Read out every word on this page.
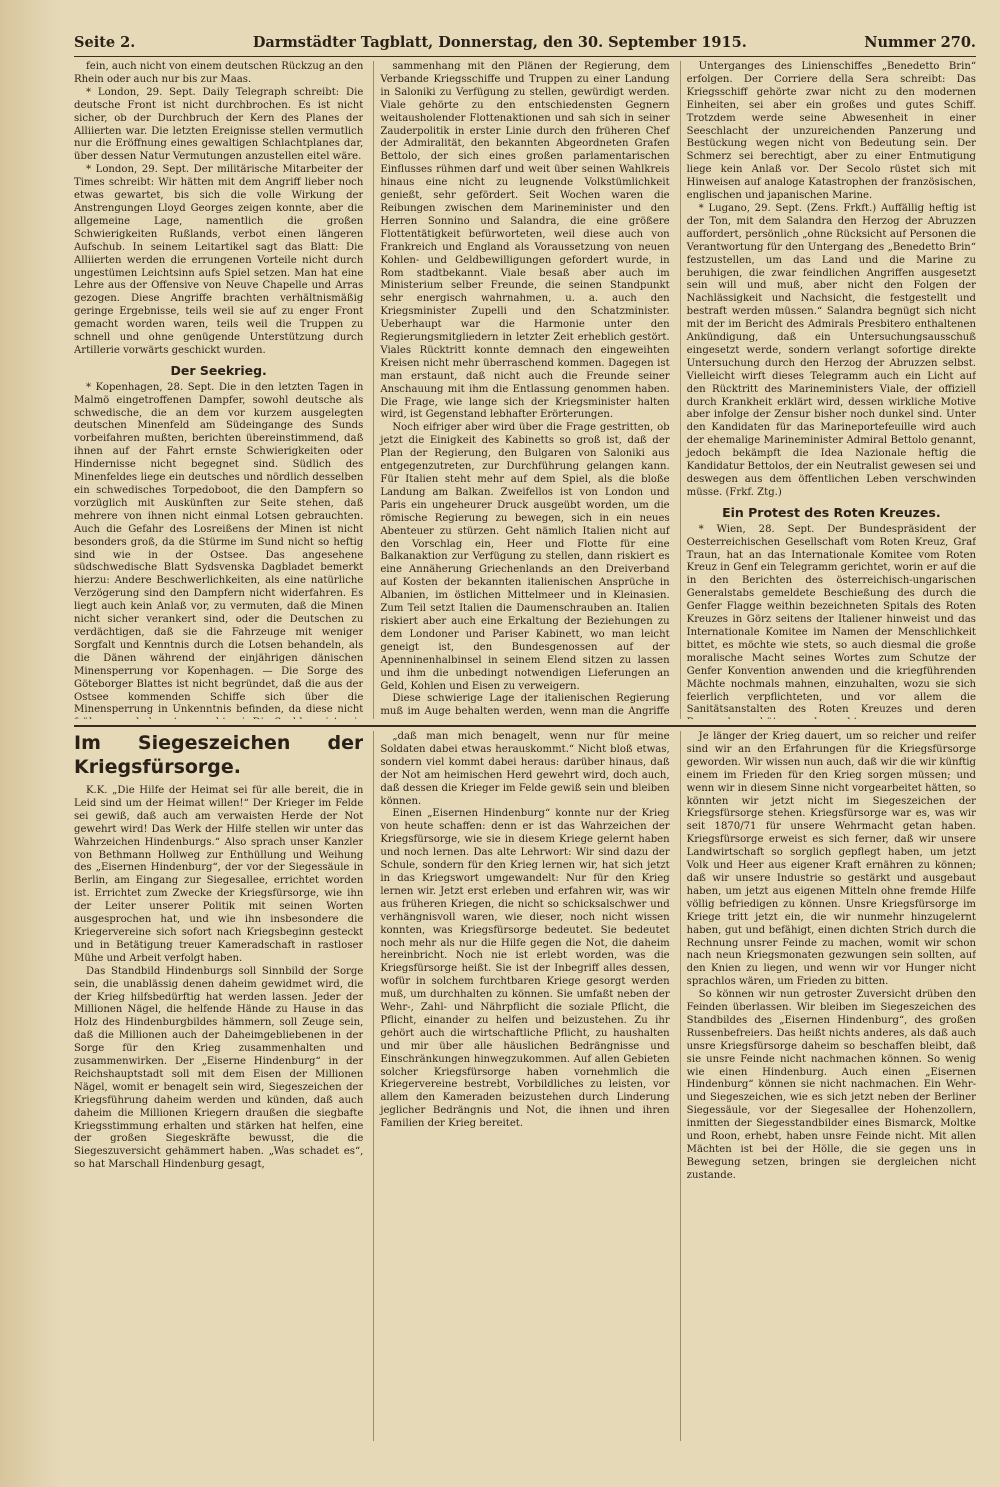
Seite 2.	Darmstädter Tagblatt, Donnerstag, den 30. September 1915.	Nummer 270.

fein, auch nicht von einem deutschen Rückzug an den Rhein oder auch nur bis zur Maas.

* London, 29. Sept. Daily Telegraph schreibt: Die deutsche Front ist nicht durchbrochen. Es ist nicht sicher, ob der Durchbruch der Kern des Planes der Alliierten war. Die letzten Ereignisse stellen vermutlich nur die Eröffnung eines gewaltigen Schlachtplanes dar, über dessen Natur Vermutungen anzustellen eitel wäre.

* London, 29. Sept. Der militärische Mitarbeiter der Times schreibt: Wir hätten mit dem Angriff lieber noch etwas gewartet, bis sich die volle Wirkung der Anstrengungen Lloyd Georges zeigen konnte, aber die allgemeine Lage, namentlich die großen Schwierigkeiten Rußlands, verbot einen längeren Aufschub. In seinem Leitartikel sagt das Blatt: Die Alliierten werden die errungenen Vorteile nicht durch ungestümen Leichtsinn aufs Spiel setzen. Man hat eine Lehre aus der Offensive von Neuve Chapelle und Arras gezogen. Diese Angriffe brachten verhältnismäßig geringe Ergebnisse, teils weil sie auf zu enger Front gemacht worden waren, teils weil die Truppen zu schnell und ohne genügende Unterstützung durch Artillerie vorwärts geschickt wurden.

Der Seekrieg.

* Kopenhagen, 28. Sept. Die in den letzten Tagen in Malmö eingetroffenen Dampfer, sowohl deutsche als schwedische, die an dem vor kurzem ausgelegten deutschen Minenfeld am Südeingange des Sunds vorbeifahren mußten, berichten übereinstimmend, daß ihnen auf der Fahrt ernste Schwierigkeiten oder Hindernisse nicht begegnet sind. Südlich des Minenfeldes liege ein deutsches und nördlich desselben ein schwedisches Torpedoboot, die den Dampfern so vorzüglich mit Auskünften zur Seite stehen, daß mehrere von ihnen nicht einmal Lotsen gebrauchten. Auch die Gefahr des Losreißens der Minen ist nicht besonders groß, da die Stürme im Sund nicht so heftig sind wie in der Ostsee. Das angesehene südschwedische Blatt Sydsvenska Dagbladet bemerkt hierzu: Andere Beschwerlichkeiten, als eine natürliche Verzögerung sind den Dampfern nicht widerfahren. Es liegt auch kein Anlaß vor, zu vermuten, daß die Minen nicht sicher verankert sind, oder die Deutschen zu verdächtigen, daß sie die Fahrzeuge mit weniger Sorgfalt und Kenntnis durch die Lotsen behandeln, als die Dänen während der einjährigen dänischen Minensperrung vor Kopenhagen. — Die Sorge des Göteborger Blattes ist nicht begründet, daß die aus der Ostsee kommenden Schiffe sich über die Minensperrung in Unkenntnis befinden, da diese nicht

sammenhang mit den Plänen der Regierung, dem Verbande Kriegsschiffe und Truppen zu einer Landung in Saloniki zu Verfügung zu stellen, gewürdigt werden. Viale gehörte zu den entschiedensten Gegnern weitausholender Flottenaktionen und sah sich in seiner Zauderpolitik in erster Linie durch den früheren Chef der Admiralität, den bekannten Abgeordneten Grafen Bettolo, der sich eines großen parlamentarischen Einflusses rühmen darf und weit über seinen Wahlkreis hinaus eine nicht zu leugnende Volkstümlichkeit genießt, sehr gefördert. Seit Wochen waren die Reibungen zwischen dem Marineminister und den Herren Sonnino und Salandra, die eine größere Flottentätigkeit befürworteten, weil diese auch von Frankreich und England als Voraussetzung von neuen Kohlen- und Geldbewilligungen gefordert wurde, in Rom stadtbekannt. Viale besaß aber auch im Ministerium selber Freunde, die seinen Standpunkt sehr energisch wahrnahmen, u. a. auch den Kriegsminister Zupelli und den Schatzminister. Ueberhaupt war die Harmonie unter den Regierungsmitgliedern in letzter Zeit erheblich gestört. Viales Rücktritt konnte demnach den eingeweihten Kreisen nicht mehr überraschend kommen. Dagegen ist man erstaunt, daß nicht auch die Freunde seiner Anschauung mit ihm die Entlassung genommen haben. Die Frage, wie lange sich der Kriegsminister halten wird, ist Gegenstand lebhafter Erörterungen.

Noch eifriger aber wird über die Frage gestritten, ob jetzt die Einigkeit des Kabinetts so groß ist, daß der Plan der Regierung, den Bulgaren von Saloniki aus entgegenzutreten, zur Durchführung gelangen kann. Für Italien steht mehr auf dem Spiel, als die bloße Landung am Balkan. Zweifellos ist von London und Paris ein ungeheurer Druck ausgeübt worden, um die römische Regierung zu bewegen, sich in ein neues Abenteuer zu stürzen. Geht nämlich Italien nicht auf den Vorschlag ein, Heer und Flotte für eine Balkanaktion zur Verfügung zu stellen, dann riskiert es eine Annäherung Griechenlands an den Dreiverband auf Kosten der bekannten italienischen Ansprüche in Albanien, im östlichen Mittelmeer und in Kleinasien. Zum Teil setzt Italien die Daumenschrauben an. Italien riskiert aber auch eine Erkaltung der Beziehungen zu dem Londoner und Pariser Kabinett, wo man leicht geneigt ist, den Bundesgenossen auf der Apenninenhalbinsel in seinem Elend sitzen zu lassen und ihm die unbedingt notwendigen Lieferungen an Geld, Kohlen und Eisen zu verweigern.

Diese schwierige Lage der italienischen Regierung muß im Auge behalten werden, wenn man die Angriffe

Unterganges des Linienschiffes „Benedetto Brin“ erfolgen. Der Corriere della Sera schreibt: Das Kriegsschiff gehörte zwar nicht zu den modernen Einheiten, sei aber ein großes und gutes Schiff. Trotzdem werde seine Abwesenheit in einer Seeschlacht der unzureichenden Panzerung und Bestückung wegen nicht von Bedeutung sein. Der Schmerz sei berechtigt, aber zu einer Entmutigung liege kein Anlaß vor. Der Secolo rüstet sich mit Hinweisen auf analoge Katastrophen der französischen, englischen und japanischen Marine.

* Lugano, 29. Sept. (Zens. Frkft.) Auffällig heftig ist der Ton, mit dem Salandra den Herzog der Abruzzen auffordert, persönlich „ohne Rücksicht auf Personen die Verantwortung für den Untergang des „Benedetto Brin“ festzustellen, um das Land und die Marine zu beruhigen, die zwar feindlichen Angriffen ausgesetzt sein will und muß, aber nicht den Folgen der Nachlässigkeit und Nachsicht, die festgestellt und bestraft werden müssen.“ Salandra begnügt sich nicht mit der im Bericht des Admirals Presbitero enthaltenen Ankündigung, daß ein Untersuchungsausschuß eingesetzt werde, sondern verlangt sofortige direkte Untersuchung durch den Herzog der Abruzzen selbst. Vielleicht wirft dieses Telegramm auch ein Licht auf den Rücktritt des Marineministers Viale, der offiziell durch Krankheit erklärt wird, dessen wirkliche Motive aber infolge der Zensur bisher noch dunkel sind. Unter den Kandidaten für das Marineportefeuille wird auch der ehemalige Marineminister Admiral Bettolo genannt, jedoch bekämpft die Idea Nazionale heftig die Kandidatur Bettolos, der ein Neutralist gewesen sei und deswegen aus dem öffentlichen Leben verschwinden müsse. (Frkf. Ztg.)

Ein Protest des Roten Kreuzes.

* Wien, 28. Sept. Der Bundespräsident der Oesterreichischen Gesellschaft vom Roten Kreuz, Graf Traun, hat an das Internationale Komitee vom Roten Kreuz in Genf ein Telegramm gerichtet, worin er auf die in den Berichten des österreichisch-ungarischen Generalstabs gemeldete Beschießung des durch die Genfer Flagge weithin bezeichneten Spitals des Roten Kreuzes in Görz seitens der Italiener hinweist und das Internationale Komitee im Namen der Menschlichkeit bittet, es möchte wie stets, so auch diesmal die große moralische Macht seines Wortes zum Schutze der Genfer Konvention anwenden und die kriegführenden Mächte nochmals mahnen, einzuhalten, wozu sie sich feierlich verpflichteten, und vor allem die Sanitätsanstalten des Roten Kreuzes und deren

Im Siegeszeichen der Kriegsfürsorge.

K.K. „Die Hilfe der Heimat sei für alle bereit, die in Leid sind um der Heimat willen!“ Der Krieger im Felde sei gewiß, daß auch am verwaisten Herde der Not gewehrt wird! Das Werk der Hilfe stellen wir unter das Wahrzeichen Hindenburgs.“ Also sprach unser Kanzler von Bethmann Hollweg zur Enthüllung und Weihung des „Eisernen Hindenburg“, der vor der Siegessäule in Berlin, am Eingang zur Siegesallee, errichtet worden ist. Errichtet zum Zwecke der Kriegsfürsorge, wie ihn der Leiter unserer Politik mit seinen Worten ausgesprochen hat, und wie ihn insbesondere die Kriegervereine sich sofort nach Kriegsbeginn gesteckt und in Betätigung treuer Kameradschaft in rastloser Mühe und Arbeit verfolgt haben.

Das Standbild Hindenburgs soll Sinnbild der Sorge sein, die unablässig denen daheim gewidmet wird, die der Krieg hilfsbedürftig hat werden lassen. Jeder der Millionen Nägel, die helfende Hände zu Hause in das Holz des Hindenburgbildes hämmern, soll Zeuge sein, daß die Millionen auch der Daheimgebliebenen in der Sorge für den Krieg zusammenhalten und zusammenwirken. Der „Eiserne Hindenburg“ in der Reichshauptstadt soll mit dem Eisen der Millionen Nägel, womit er benagelt sein wird, Siegeszeichen der Kriegsführung daheim werden und künden, daß auch daheim die Millionen Kriegern draußen die siegbafte Kriegsstimmung erhalten und stärken hat helfen, eine der großen Siegeskräfte bewusst, die die Siegeszuversicht gehämmert haben. „Was schadet es“, so hat Marschall Hindenburg gesagt,

„daß man mich benagelt, wenn nur für meine Soldaten dabei etwas herauskommt.“ Nicht bloß etwas, sondern viel kommt dabei heraus: darüber hinaus, daß der Not am heimischen Herd gewehrt wird, doch auch, daß dessen die Krieger im Felde gewiß sein und bleiben können.

Einen „Eisernen Hindenburg“ konnte nur der Krieg von heute schaffen: denn er ist das Wahrzeichen der Kriegsfürsorge, wie sie in diesem Kriege gelernt haben und noch lernen. Das alte Lehrwort: Wir sind dazu der Schule, sondern für den Krieg lernen wir, hat sich jetzt in das Kriegswort umgewandelt: Nur für den Krieg lernen wir. Jetzt erst erleben und erfahren wir, was wir aus früheren Kriegen, die nicht so schicksalschwer und verhängnisvoll waren, wie dieser, noch nicht wissen konnten, was Kriegsfürsorge bedeutet. Sie bedeutet noch mehr als nur die Hilfe gegen die Not, die daheim hereinbricht. Noch nie ist erlebt worden, was die Kriegsfürsorge heißt. Sie ist der Inbegriff alles dessen, wofür in solchem furchtbaren Kriege gesorgt werden muß, um durchhalten zu können. Sie umfaßt neben der Wehr-, Zahl- und Nährpflicht die soziale Pflicht, die Pflicht, einander zu helfen und beizustehen. Zu ihr gehört auch die wirtschaftliche Pflicht, zu haushalten und mir über alle häuslichen Bedrängnisse und Einschränkungen hinwegzukommen. Auf allen Gebieten solcher Kriegsfürsorge haben vornehmlich die Kriegervereine bestrebt, Vorbildliches zu leisten, vor allem den Kameraden beizustehen durch Linderung jeglicher Bedrängnis und Not, die ihnen und ihren Familien der Krieg bereitet.

Je länger der Krieg dauert, um so reicher und reifer sind wir an den Erfahrungen für die Kriegsfürsorge geworden. Wir wissen nun auch, daß wir die wir künftig einem im Frieden für den Krieg sorgen müssen; und wenn wir in diesem Sinne nicht vorgearbeitet hätten, so könnten wir jetzt nicht im Siegeszeichen der Kriegsfürsorge stehen. Kriegsfürsorge war es, was wir seit 1870/71 für unsere Wehrmacht getan haben. Kriegsfürsorge erweist es sich ferner, daß wir unsere Landwirtschaft so sorglich gepflegt haben, um jetzt Volk und Heer aus eigener Kraft ernähren zu können; daß wir unsere Industrie so gestärkt und ausgebaut haben, um jetzt aus eigenen Mitteln ohne fremde Hilfe völlig befriedigen zu können. Unsre Kriegsfürsorge im Kriege tritt jetzt ein, die wir nunmehr hinzugelernt haben, gut und befähigt, einen dichten Strich durch die Rechnung unsrer Feinde zu machen, womit wir schon nach neun Kriegsmonaten gezwungen sein sollten, auf den Knien zu liegen, und wenn wir vor Hunger nicht sprachlos wären, um Frieden zu bitten.

So können wir nun getroster Zuversicht drüben den Feinden überlassen. Wir bleiben im Siegeszeichen des Standbildes des „Eisernen Hindenburg“, des großen Russenbefreiers. Das heißt nichts anderes, als daß auch unsre Kriegsfürsorge daheim so beschaffen bleibt, daß sie unsre Feinde nicht nachmachen können. So wenig wie einen Hindenburg. Auch einen „Eisernen Hindenburg“ können sie nicht nachmachen. Ein Wehr- und Siegeszeichen, wie es sich jetzt neben der Berliner Siegessäule, vor der Siegesallee der Hohenzollern, inmitten der Siegesstandbilder eines Bismarck, Moltke und Roon, erhebt, haben unsre Feinde nicht. Mit allen Mächten ist bei der Hölle, die sie gegen uns in Bewegung setzen, bringen sie dergleichen nicht zustande.
